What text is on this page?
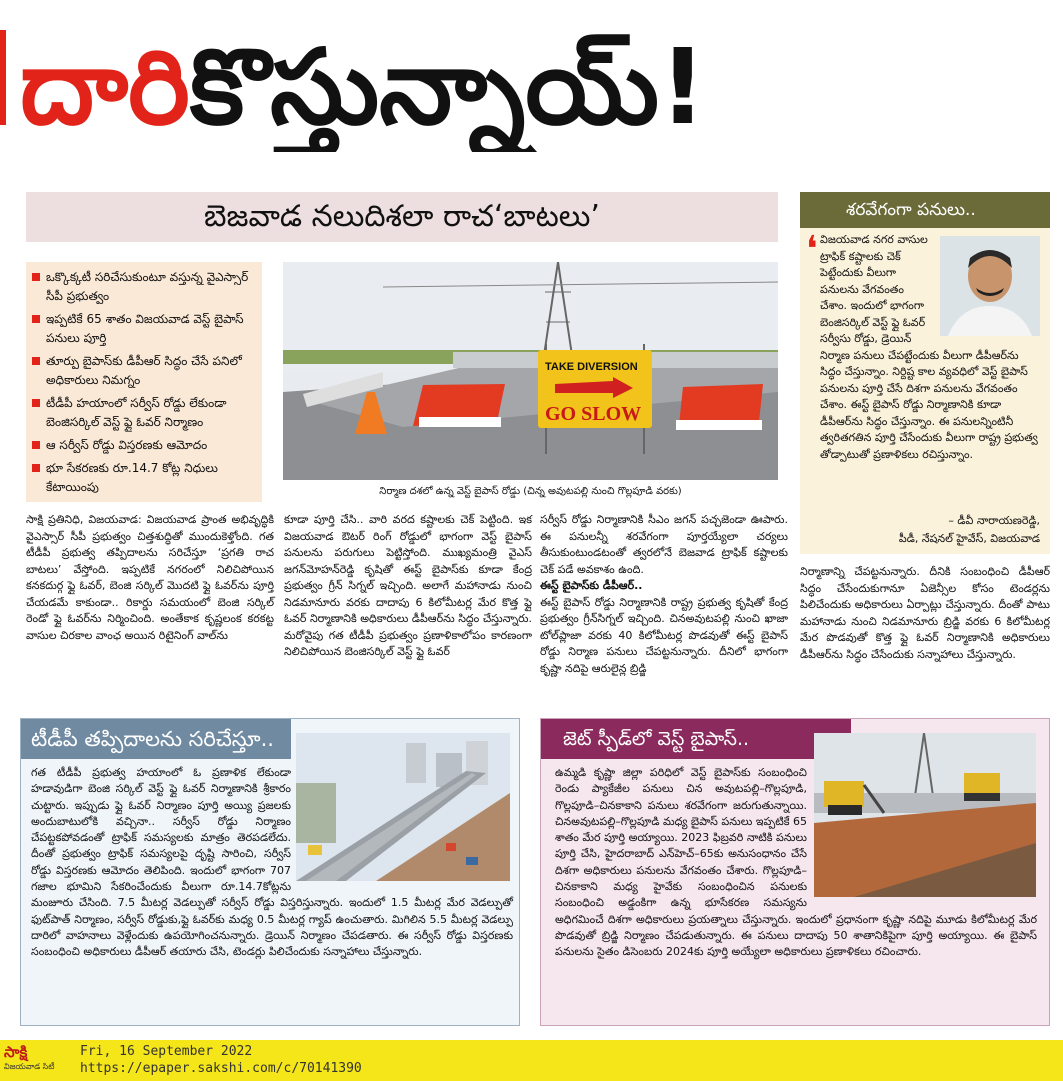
దారికొస్తున్నాయ్!
బెజవాడ నలుదిశలా రాచ‘బాటలు’
ఒక్కొక్కటీ సరిచేసుకుంటూ వస్తున్న వైఎస్సార్ సీపీ ప్రభుత్వం
ఇప్పటికే 65 శాతం విజయవాడ వెస్ట్ బైపాస్ పనులు పూర్తి
తూర్పు బైపాస్‌కు డీపీఆర్ సిద్ధం చేసే పనిలో అధికారులు నిమగ్నం
టీడీపీ హయాంలో సర్వీస్ రోడ్డు లేకుండా బెంజిసర్కిల్ వెస్ట్ ఫ్లై ఓవర్ నిర్మాణం
ఆ సర్వీస్ రోడ్డు విస్తరణకు ఆమోదం
భూ సేకరణకు రూ.14.7 కోట్ల నిధులు కేటాయింపు
TAKE DIVERSION
GO SLOW
నిర్మాణ దశలో ఉన్న వెస్ట్ బైపాస్ రోడ్డు (చిన్న అవుటపల్లి నుంచి గొల్లపూడి వరకు)
శరవేగంగా పనులు..
❛ విజయవాడ నగర వాసుల ట్రాఫిక్ కష్టాలకు చెక్ పెట్టేందుకు వీలుగా పనులను వేగవంతం చేశాం. ఇందులో భాగంగా బెంజిసర్కిల్ వెస్ట్ ఫ్లై ఓవర్ సర్వీసు రోడ్డు, డ్రెయిన్ నిర్మాణ పనులు చేపట్టేందుకు వీలుగా డీపీఆర్‌ను సిద్ధం చేస్తున్నాం. నిర్దిష్ట కాల వ్యవధిలో వెస్ట్ బైపాస్ పనులను పూర్తి చేసే దిశగా పనులను వేగవంతం చేశాం. ఈస్ట్ బైపాస్ రోడ్డు నిర్మాణానికి కూడా డీపీఆర్‌ను సిద్ధం చేస్తున్నాం. ఈ పనులన్నింటినీ త్వరితగతిన పూర్తి చేసేందుకు వీలుగా రాష్ట్ర ప్రభుత్వ తోడ్పాటుతో ప్రణాళికలు రచిస్తున్నాం.
– డీవీ నారాయణరెడ్డి,
పీడీ, నేషనల్ హైవేస్, విజయవాడ

సాక్షి ప్రతినిధి, విజయవాడ: విజయవాడ ప్రాంత అభివృద్ధికి వైఎస్సార్ సీపీ ప్రభుత్వం చిత్తశుద్ధితో ముందుకెళ్తోంది. గత టీడీపీ ప్రభుత్వ తప్పిదాలను సరిచేస్తూ ‘ప్రగతి రాచ బాటలు’ వేస్తోంది. ఇప్పటికే నగరంలో నిలిచిపోయిన కనకదుర్గ ఫ్లై ఓవర్, బెంజి సర్కిల్ మొదటి ఫ్లై ఓవర్‌ను పూర్తి చేయడమే కాకుండా.. రికార్డు సమయంలో బెంజి సర్కిల్ రెండో ఫ్లై ఓవర్‌ను నిర్మించింది. అంతేకాక కృష్ణలంక కరకట్ట వాసుల చిరకాల వాంఛ అయిన రిటైనింగ్ వాల్‌ను

కూడా పూర్తి చేసి.. వారి వరద కష్టాలకు చెక్ పెట్టింది. ఇక విజయవాడ ఔటర్ రింగ్ రోడ్డులో భాగంగా వెస్ట్ బైపాస్ పనులను పరుగులు పెట్టిస్తోంది. ముఖ్యమంత్రి వైఎస్ జగన్‌మోహన్‌రెడ్డి కృషితో ఈస్ట్ బైపాస్‌కు కూడా కేంద్ర ప్రభుత్వం గ్రీన్ సిగ్నల్ ఇచ్చింది. అలాగే మహానాడు నుంచి నిడమానూరు వరకు దాదాపు 6 కిలోమీటర్ల మేర కొత్త ఫ్లై ఓవర్ నిర్మాణానికి అధికారులు డీపీఆర్‌ను సిద్ధం చేస్తున్నారు. మరోవైపు గత టీడీపీ ప్రభుత్వం ప్రణాళికాలోపం కారణంగా నిలిచిపోయిన బెంజిసర్కిల్ వెస్ట్ ఫ్లై ఓవర్

సర్వీస్ రోడ్డు నిర్మాణానికి సీఎం జగన్ పచ్చజెండా ఊపారు. ఈ పనులన్నీ శరవేగంగా పూర్తయ్యేలా చర్యలు తీసుకుంటుండటంతో త్వరలోనే బెజవాడ ట్రాఫిక్ కష్టాలకు చెక్ పడే అవకాశం ఉంది.

ఈస్ట్ బైపాస్‌కు డీపీఆర్..

ఈస్ట్ బైపాస్ రోడ్డు నిర్మాణానికి రాష్ట్ర ప్రభుత్వ కృషితో కేంద్ర ప్రభుత్వం గ్రీన్‌సిగ్నల్ ఇచ్చింది. చినఅవుటపల్లి నుంచి ఖాజా టోల్‌ప్లాజా వరకు 40 కిలోమీటర్ల పొడవుతో ఈస్ట్ బైపాస్ రోడ్డు నిర్మాణ పనులు చేపట్టనున్నారు. దీనిలో భాగంగా కృష్ణా నదిపై ఆరులైన్ల బ్రిడ్జి

నిర్మాణాన్ని చేపట్టనున్నారు. దీనికి సంబంధించి డీపీఆర్ సిద్ధం చేసేందుకుగానూ ఏజెన్సీల కోసం టెండర్లను పిలిచేందుకు అధికారులు ఏర్పాట్లు చేస్తున్నారు. దీంతో పాటు మహానాడు నుంచి నిడమానూరు బ్రిడ్జి వరకు 6 కిలోమీటర్ల మేర పొడవుతో కొత్త ఫ్లై ఓవర్ నిర్మాణానికి అధికారులు డీపీఆర్‌ను సిద్ధం చేసేందుకు సన్నాహాలు చేస్తున్నారు.

టీడీపీ తప్పిదాలను సరిచేస్తూ..
గత టీడీపీ ప్రభుత్వ హయాంలో ఓ ప్రణాళిక లేకుండా హడావుడిగా బెంజి సర్కిల్ వెస్ట్ ఫ్లై ఓవర్ నిర్మాణానికి శ్రీకారం చుట్టారు. ఇప్పుడు ఫ్లై ఓవర్ నిర్మాణం పూర్తి అయ్యి ప్రజలకు అందుబాటులోకి వచ్చినా.. సర్వీస్ రోడ్డు నిర్మాణం చేపట్టకపోవడంతో ట్రాఫిక్ సమస్యలకు మాత్రం తెరపడలేదు. దీంతో ప్రభుత్వం ట్రాఫిక్ సమస్యలపై దృష్టి సారించి, సర్వీస్ రోడ్డు విస్తరణకు ఆమోదం తెలిపింది. ఇందులో భాగంగా 707 గజాల భూమిని సేకరించేందుకు వీలుగా రూ.14.7కోట్లను మంజూరు చేసింది. 7.5 మీటర్ల వెడల్పుతో సర్వీస్ రోడ్డు విస్తరిస్తున్నారు. ఇందులో 1.5 మీటర్ల మేర వెడల్పుతో ఫుట్‌పాత్ నిర్మాణం, సర్వీస్ రోడ్డుకు,ఫ్లై ఓవర్‌కు మధ్య 0.5 మీటర్ల గ్యాప్ ఉంచుతారు. మిగిలిన 5.5 మీటర్ల వెడల్పు దారిలో వాహనాలు వెళ్లేందుకు ఉపయోగించనున్నారు. డ్రెయిన్ నిర్మాణం చేపడతారు. ఈ సర్వీస్ రోడ్డు విస్తరణకు సంబంధించి అధికారులు డీపీఆర్ తయారు చేసి, టెండర్లు పిలిచేందుకు సన్నాహాలు చేస్తున్నారు.
జెట్ స్పీడ్‌లో వెస్ట్ బైపాస్..
ఉమ్మడి కృష్ణా జిల్లా పరిధిలో వెస్ట్ బైపాస్‌కు సంబంధించి రెండు ప్యాకేజీల పనులు చిన అవుటపల్లి–గొల్లపూడి, గొల్లపూడి–చినకాకాని పనులు శరవేగంగా జరుగుతున్నాయి. చినఅవుటపల్లి–గొల్లపూడి మధ్య బైపాస్ పనులు ఇప్పటికే 65 శాతం మేర పూర్తి అయ్యాయి. 2023 ఫిబ్రవరి నాటికి పనులు పూర్తి చేసి, హైదరాబాద్ ఎన్‌హెచ్–65కు అనుసంధానం చేసే దిశగా అధికారులు పనులను వేగవంతం చేశారు. గొల్లపూడి–చినకాకాని మధ్య హైవేకు సంబంధించిన పనులకు సంబంధించి అడ్డంకిగా ఉన్న భూసేకరణ సమస్యను అధిగమించే దిశగా అధికారులు ప్రయత్నాలు చేస్తున్నారు. ఇందులో ప్రధానంగా కృష్ణా నదిపై మూడు కిలోమీటర్ల మేర పొడవుతో బ్రిడ్జి నిర్మాణం చేపడుతున్నారు. ఈ పనులు దాదాపు 50 శాతానికిపైగా పూర్తి అయ్యాయి. ఈ బైపాస్ పనులను సైతం డిసెంబరు 2024కు పూర్తి అయ్యేలా అధికారులు ప్రణాళికలు రచించారు.
సాక్షి
విజయవాడ సిటీ
Fri, 16 September 2022
https://epaper.sakshi.com/c/70141390
